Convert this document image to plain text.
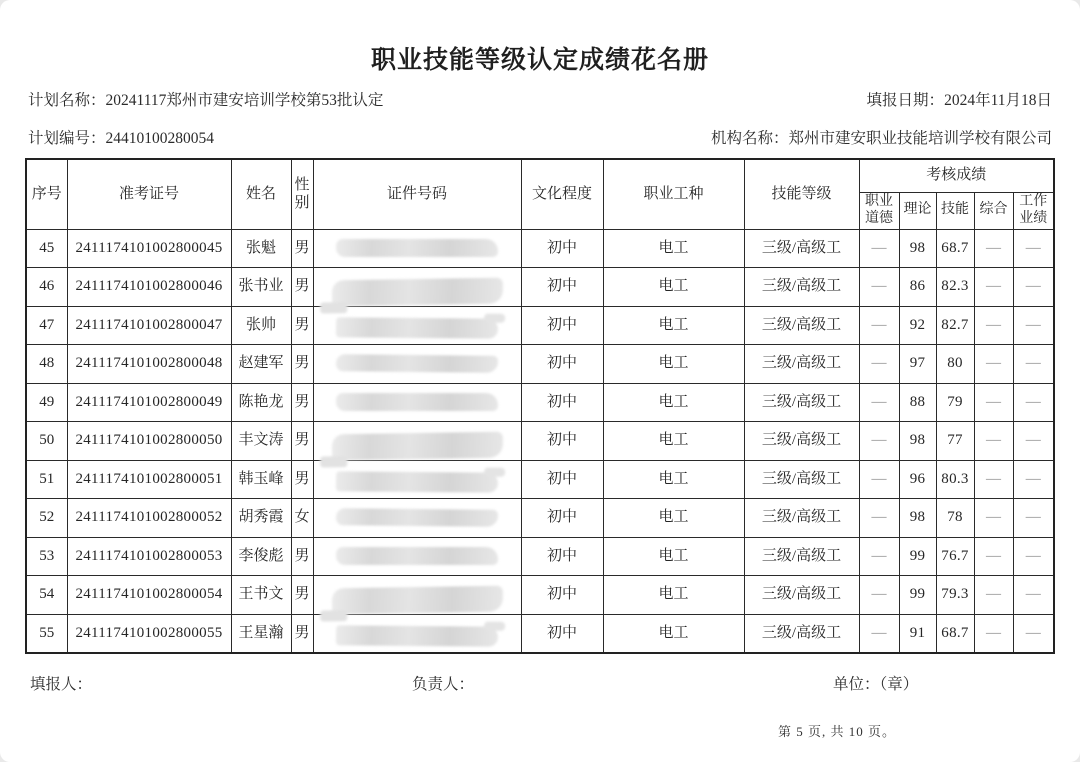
职业技能等级认定成绩花名册
计划名称：20241117郑州市建安培训学校第53批认定	填报日期：2024年11月18日
计划编号：24410100280054	机构名称：郑州市建安职业技能培训学校有限公司
序号	准考证号	姓名	性别	证件号码	文化程度	职业工种	技能等级	考核成绩				
								职业道德	理论	技能	综合	工作业绩
45	2411174101002800045	张魁	男		初中	电工	三级/高级工	—	98	68.7	—	—
46	2411174101002800046	张书业	男		初中	电工	三级/高级工	—	86	82.3	—	—
47	2411174101002800047	张帅	男		初中	电工	三级/高级工	—	92	82.7	—	—
48	2411174101002800048	赵建军	男		初中	电工	三级/高级工	—	97	80	—	—
49	2411174101002800049	陈艳龙	男		初中	电工	三级/高级工	—	88	79	—	—
50	2411174101002800050	丰文涛	男		初中	电工	三级/高级工	—	98	77	—	—
51	2411174101002800051	韩玉峰	男		初中	电工	三级/高级工	—	96	80.3	—	—
52	2411174101002800052	胡秀霞	女		初中	电工	三级/高级工	—	98	78	—	—
53	2411174101002800053	李俊彪	男		初中	电工	三级/高级工	—	99	76.7	—	—
54	2411174101002800054	王书文	男		初中	电工	三级/高级工	—	99	79.3	—	—
55	2411174101002800055	王星瀚	男		初中	电工	三级/高级工	—	91	68.7	—	—
填报人：	负责人：	单位：（章）
第 5 页, 共 10 页。
